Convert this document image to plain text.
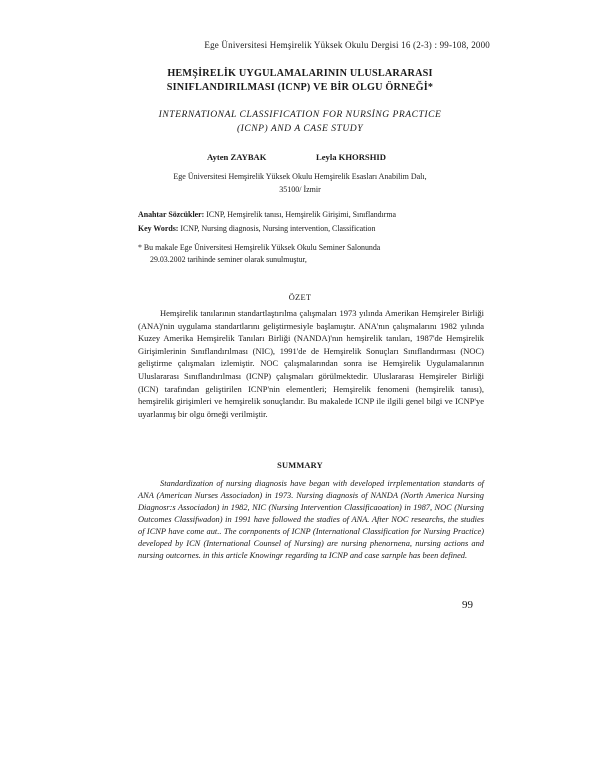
Ege Üniversitesi Hemşirelik Yüksek Okulu Dergisi 16 (2-3) : 99-108, 2000
HEMŞİRELİK UYGULAMALARININ ULUSLARARASI
SINIFLANDIRILMASI (ICNP) VE BİR OLGU ÖRNEĞİ*
INTERNATIONAL CLASSIFICATION FOR NURSİNG PRACTICE
(ICNP) AND A CASE STUDY
Ayten ZAYBAK	Leyla KHORSHID
Ege Üniversitesi Hemşirelik Yüksek Okulu Hemşirelik Esasları Anabilim Dalı,
35100/ İzmir
Anahtar Sözcükler: ICNP, Hemşirelik tanısı, Hemşirelik Girişimi, Sınıflandırma
Key Words: ICNP, Nursing diagnosis, Nursing intervention, Classification
* Bu makale Ege Üniversitesi Hemşirelik Yüksek Okulu Seminer Salonunda
29.03.2002 tarihinde seminer olarak sunulmuştur,
ÖZET

Hemşirelik tanılarının standartlaştırılma çalışmaları 1973 yılında Amerikan Hemşireler Birliği (ANA)'nin uygulama standartlarını geliştirmesiyle başlamıştır. ANA'nın çalışmalarını 1982 yılında Kuzey Amerika Hemşirelik Tanıları Birliği (NANDA)'nın hemşirelik tanıları, 1987'de Hemşirelik Girişimlerinin Sınıflandırılması (NIC), 1991'de de Hemşirelik Sonuçları Sınıflandırması (NOC) geliştirme çalışmaları izlemiştir. NOC çalışmalarından sonra ise Hemşirelik Uygulamalarının Uluslararası Sınıflandırılması (ICNP) çalışmaları görülmektedir. Uluslararası Hemşireler Birliği (ICN) tarafından geliştirilen ICNP'nin elementleri; Hemşirelik fenomeni (hemşirelik tanısı), hemşirelik girişimleri ve hemşirelik sonuçlarıdır. Bu makalede ICNP ile ilgili genel bilgi ve ICNP'ye uyarlanmış bir olgu örneği verilmiştir.

SUMMARY

Standardization of nursing diagnosis have began with developed irrplementation standarts of ANA (American Nurses Associadon) in 1973. Nursing diagnosis of NANDA (North America Nursing Diagnosr:s Associadon) in 1982, NIC (Nursing Intervention Classificaoation) in 1987, NOC (Nursing Outcomes Classifwadon) in 1991 have followed the stadies of ANA. After NOC researchs, the studies of ICNP have come aut.. The cornponents of ICNP (International Classification for Nursing Practice) developed by ICN (International Counsel of Nursing) are nursing phenornena, nursing actions and nursing outcornes. in this article Knowingr regarding ta ICNP and case sarnple has been defined.

99
